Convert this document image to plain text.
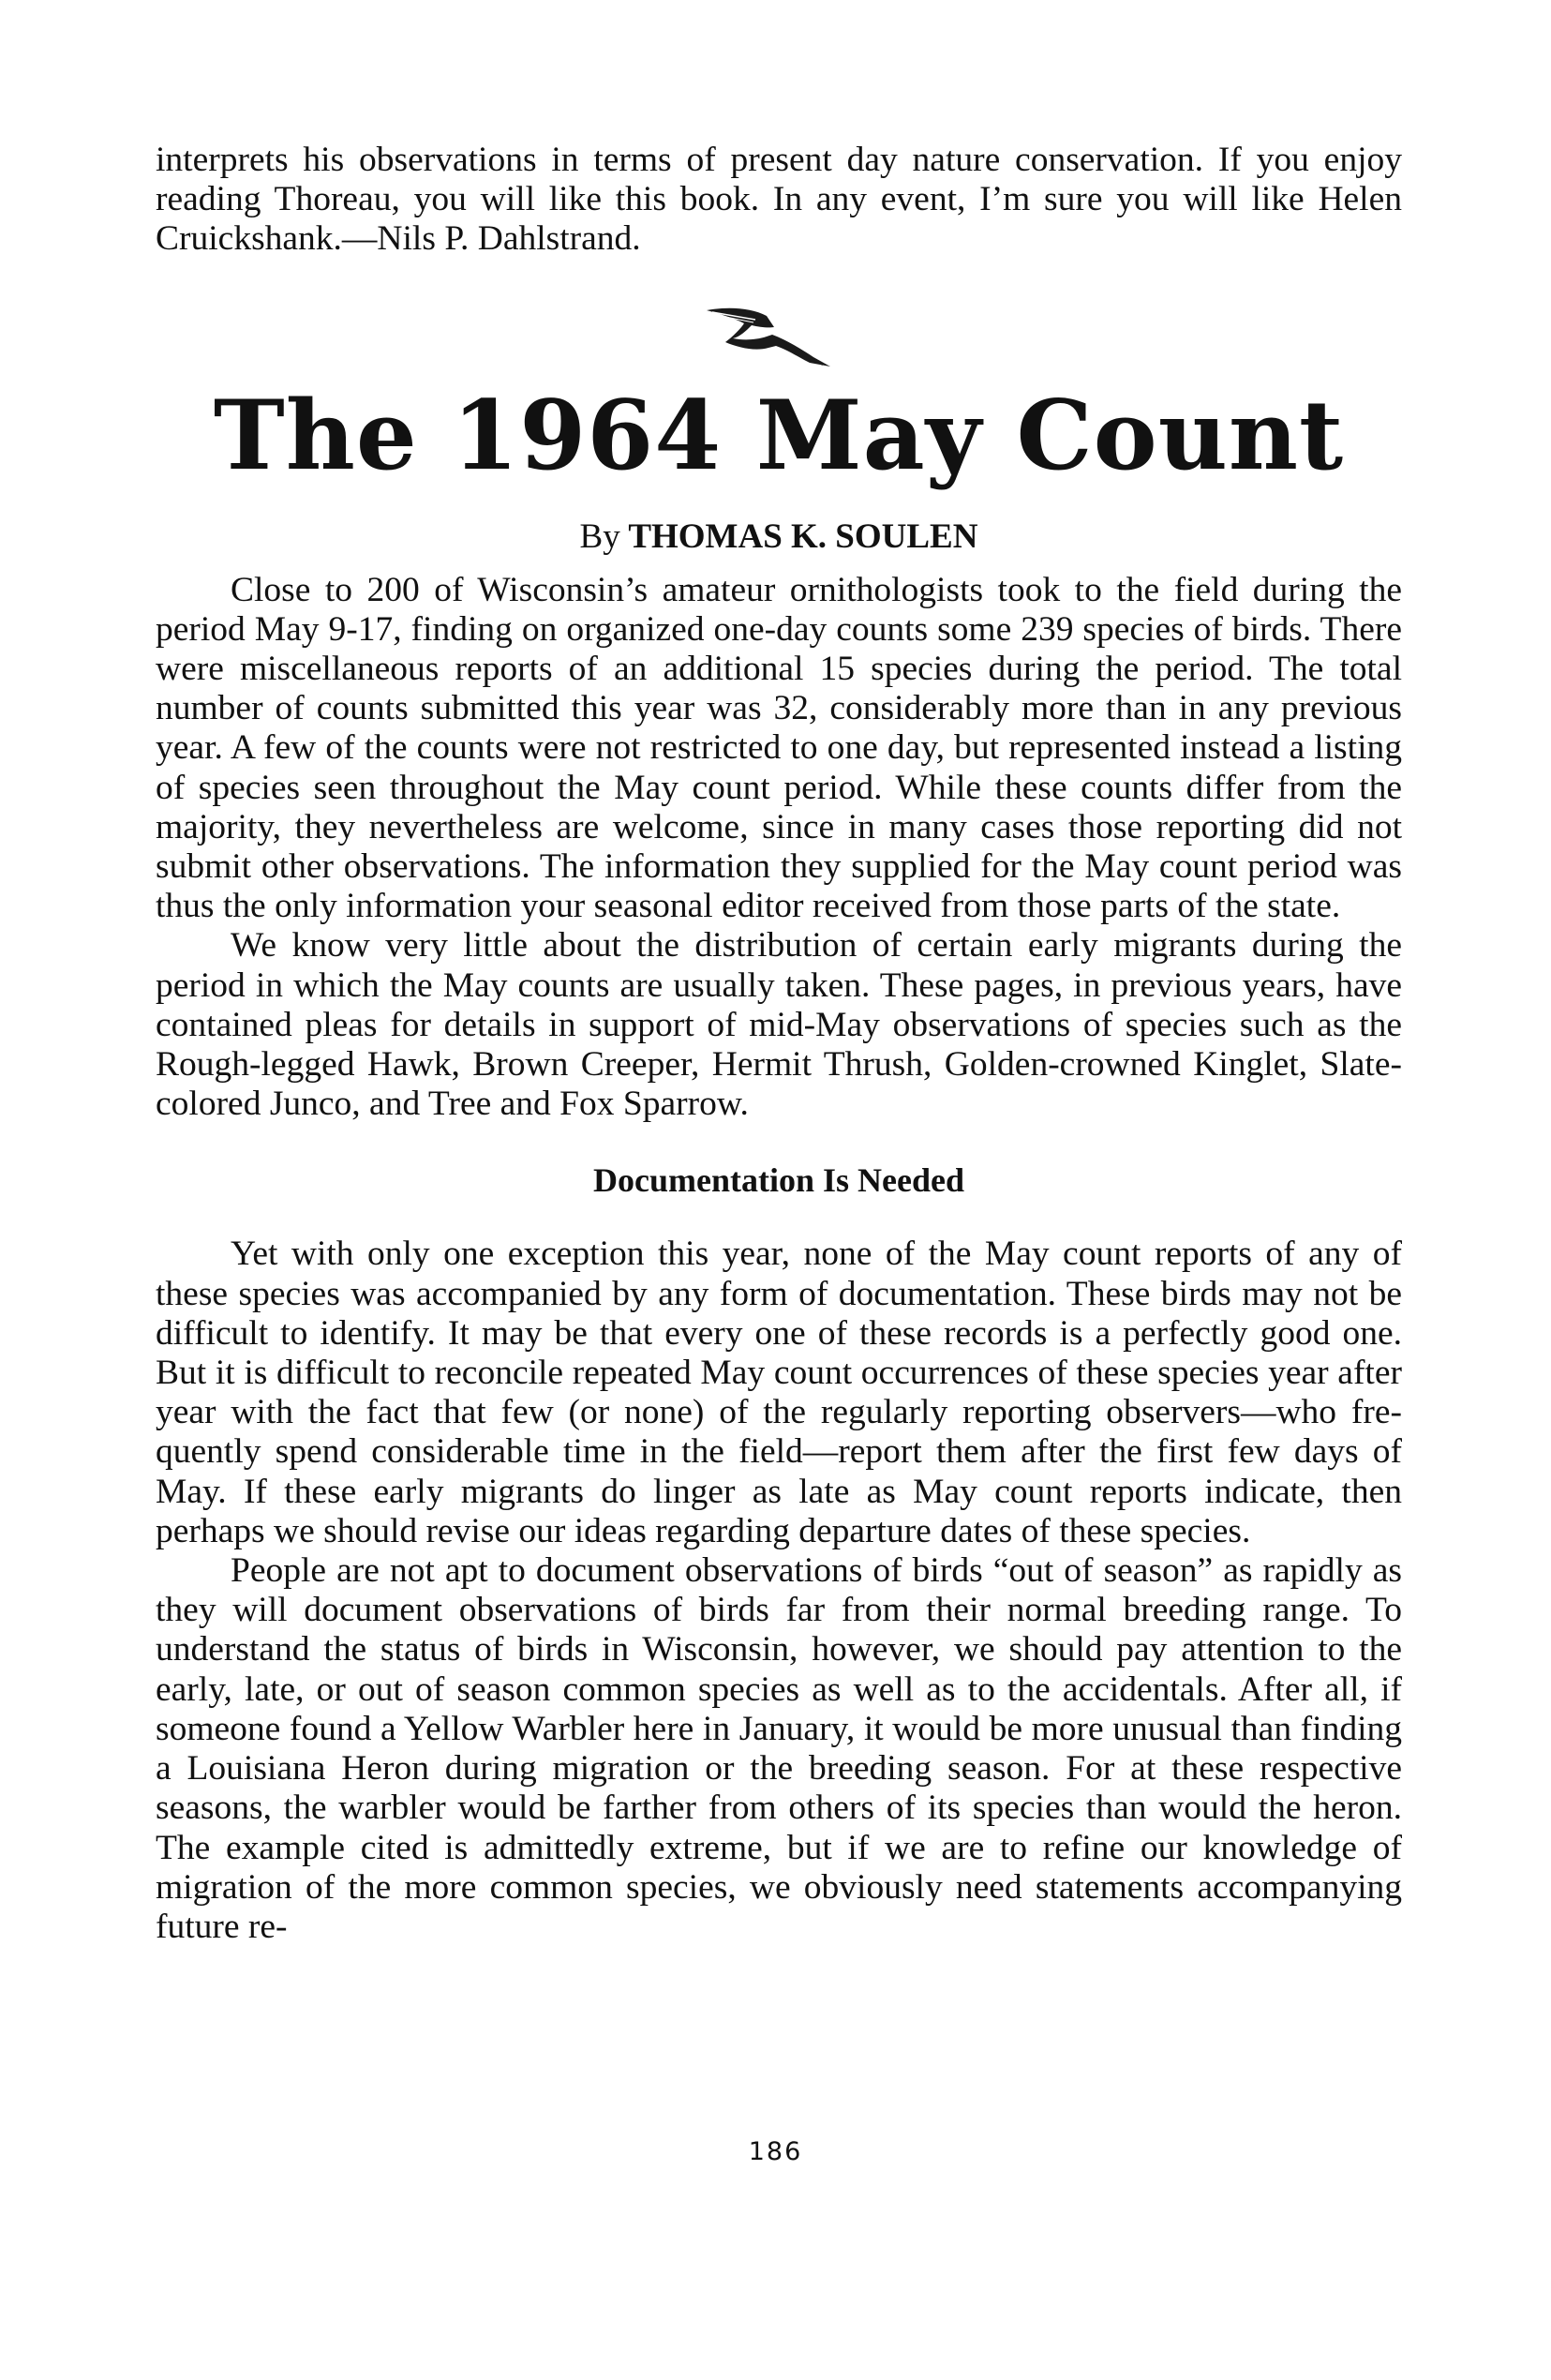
interprets his observations in terms of present day nature conservation. If you enjoy reading Thoreau, you will like this book. In any event, I’m sure you will like Helen Cruickshank.—Nils P. Dahlstrand.

The 1964 May Count
By THOMAS K. SOULEN

Close to 200 of Wisconsin’s amateur ornithologists took to the field during the period May 9-17, finding on organized one-day counts some 239 species of birds. There were miscellaneous reports of an additional 15 species during the period. The total number of counts submitted this year was 32, considerably more than in any previous year. A few of the counts were not restricted to one day, but represented instead a listing of species seen throughout the May count period. While these counts differ from the majority, they nevertheless are welcome, since in many cases those reporting did not submit other observations. The information they supplied for the May count period was thus the only information your seasonal editor received from those parts of the state.

We know very little about the distribution of certain early migrants during the period in which the May counts are usually taken. These pages, in previous years, have contained pleas for details in support of mid-May observations of species such as the Rough-legged Hawk, Brown Creeper, Hermit Thrush, Golden-crowned Kinglet, Slate-colored Junco, and Tree and Fox Sparrow.

Documentation Is Needed

Yet with only one exception this year, none of the May count reports of any of these species was accompanied by any form of documentation. These birds may not be difficult to identify. It may be that every one of these records is a perfectly good one. But it is difficult to reconcile repeated May count occurrences of these species year after year with the fact that few (or none) of the regularly reporting observers—who frequently spend considerable time in the field—report them after the first few days of May. If these early migrants do linger as late as May count reports indicate, then perhaps we should revise our ideas regarding departure dates of these species.

People are not apt to document observations of birds “out of season” as rapidly as they will document observations of birds far from their normal breeding range. To understand the status of birds in Wisconsin, however, we should pay attention to the early, late, or out of season common species as well as to the accidentals. After all, if someone found a Yellow Warbler here in January, it would be more unusual than finding a Louisiana Heron during migration or the breeding season. For at these respective seasons, the warbler would be farther from others of its species than would the heron. The example cited is admittedly extreme, but if we are to refine our knowledge of migration of the more common species, we obviously need statements accompanying future re-

186
